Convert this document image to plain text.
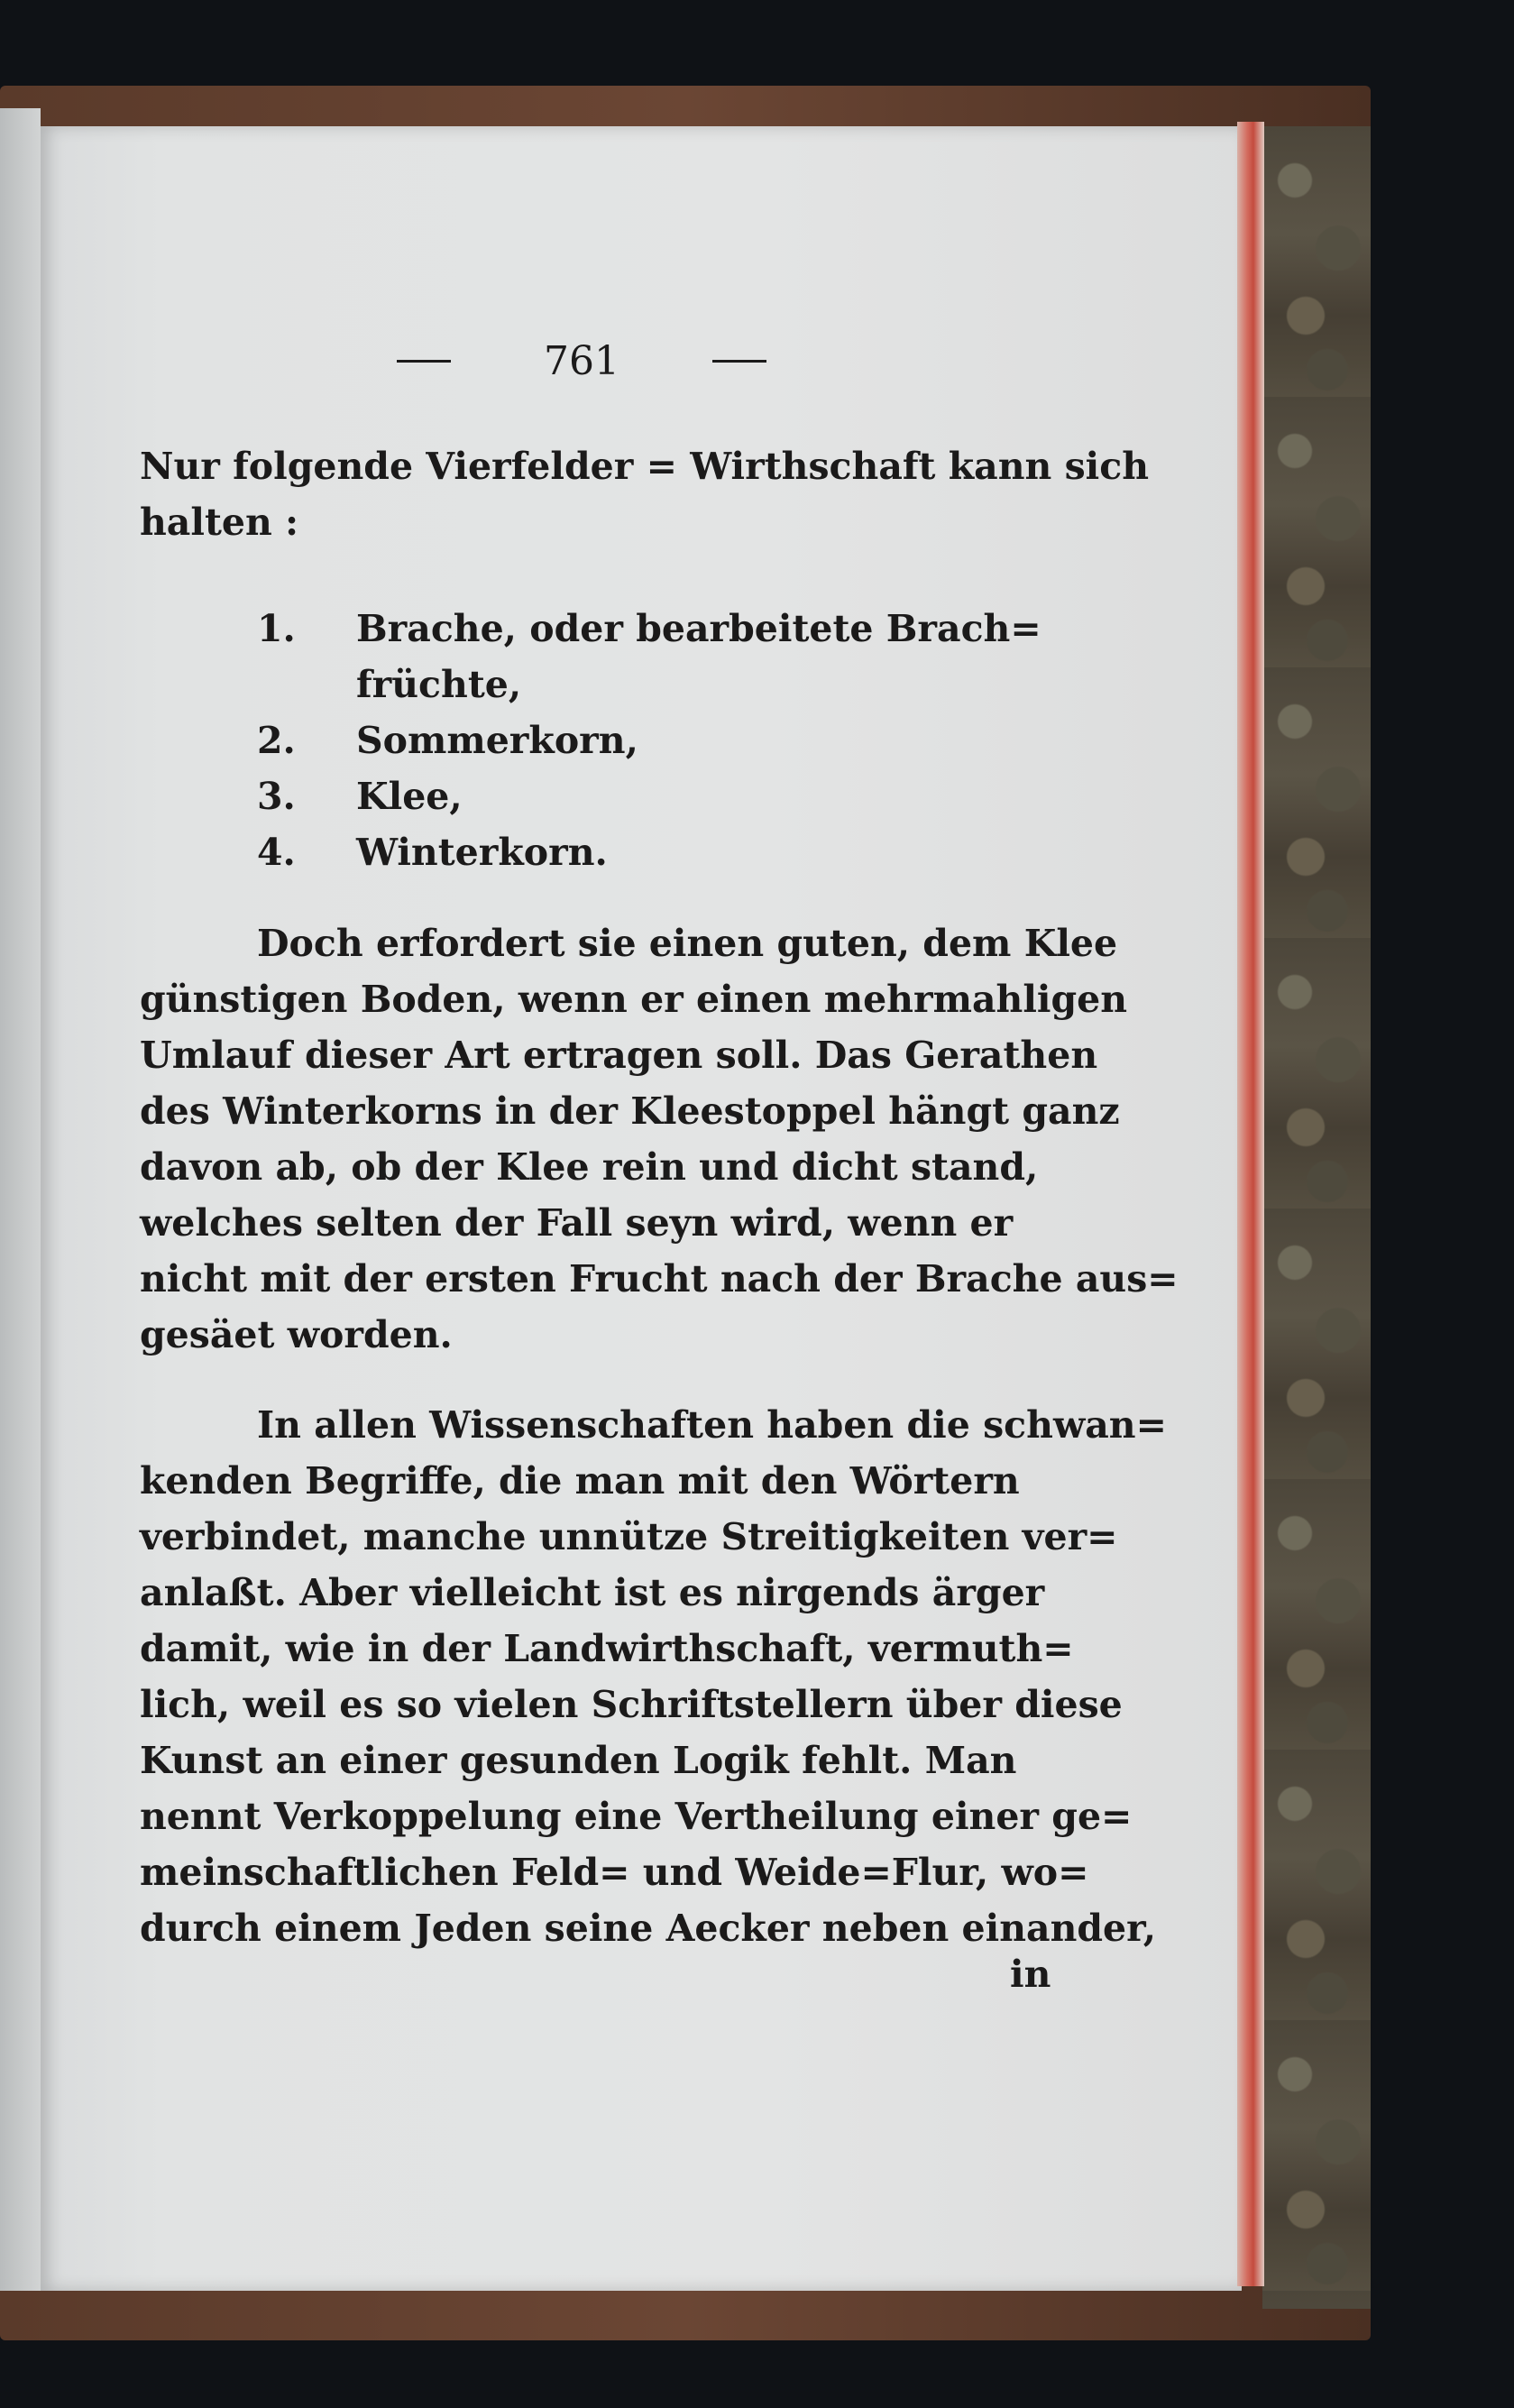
761
Nur folgende Vierfelder = Wirthschaft kann sich
halten :
1.	Brache, oder bearbeitete Brach=
früchte,
2.	Sommerkorn,
3.	Klee,
4.	Winterkorn.
Doch erfordert sie einen guten, dem Klee
günstigen Boden, wenn er einen mehrmahligen
Umlauf dieser Art ertragen soll. Das Gerathen
des Winterkorns in der Kleestoppel hängt ganz
davon ab, ob der Klee rein und dicht stand,
welches selten der Fall seyn wird, wenn er
nicht mit der ersten Frucht nach der Brache aus=
gesäet worden.
In allen Wissenschaften haben die schwan=
kenden Begriffe, die man mit den Wörtern
verbindet, manche unnütze Streitigkeiten ver=
anlaßt. Aber vielleicht ist es nirgends ärger
damit, wie in der Landwirthschaft, vermuth=
lich, weil es so vielen Schriftstellern über diese
Kunst an einer gesunden Logik fehlt. Man
nennt Verkoppelung eine Vertheilung einer ge=
meinschaftlichen Feld= und Weide=Flur, wo=
durch einem Jeden seine Aecker neben einander,
in
